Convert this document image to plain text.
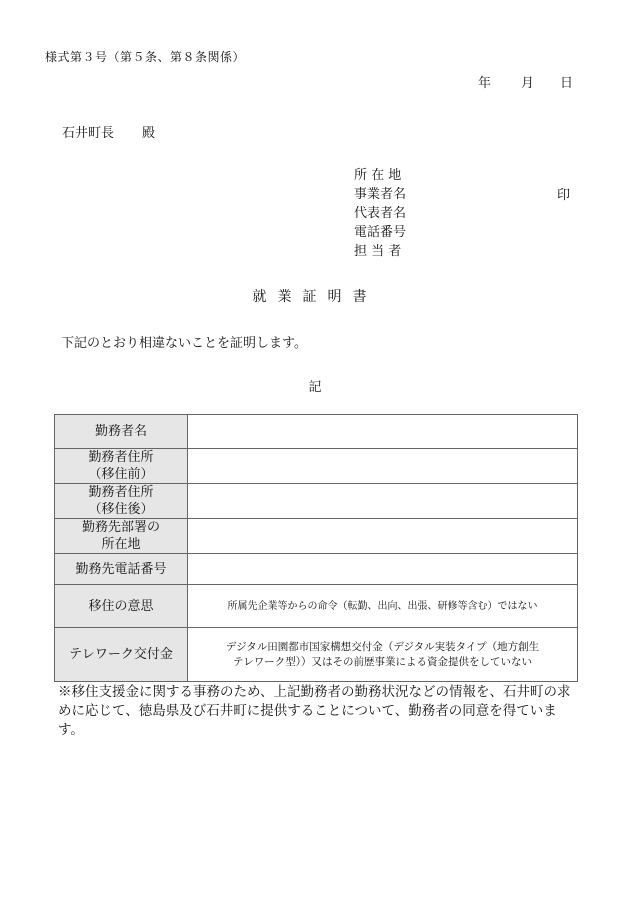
様式第３号（第５条、第８条関係）
年 月 日
石井町長 殿
所 在 地
事業者名
代表者名
電話番号
担 当 者
印
就業証明書
下記のとおり相違ないことを証明します。
記
勤務者名	

勤務者住所
（移住前）	

勤務者住所
（移住後）	

勤務先部署の
所在地	

勤務先電話番号	

移住の意思	所属先企業等からの命令（転勤、出向、出張、研修等含む）ではない

テレワーク交付金	デジタル田園都市国家構想交付金（デジタル実装タイプ（地方創生
テレワーク型））又はその前歴事業による資金提供をしていない
※移住支援金に関する事務のため、上記勤務者の勤務状況などの情報を、石井町の求めに応じて、徳島県及び石井町に提供することについて、勤務者の同意を得ています。
